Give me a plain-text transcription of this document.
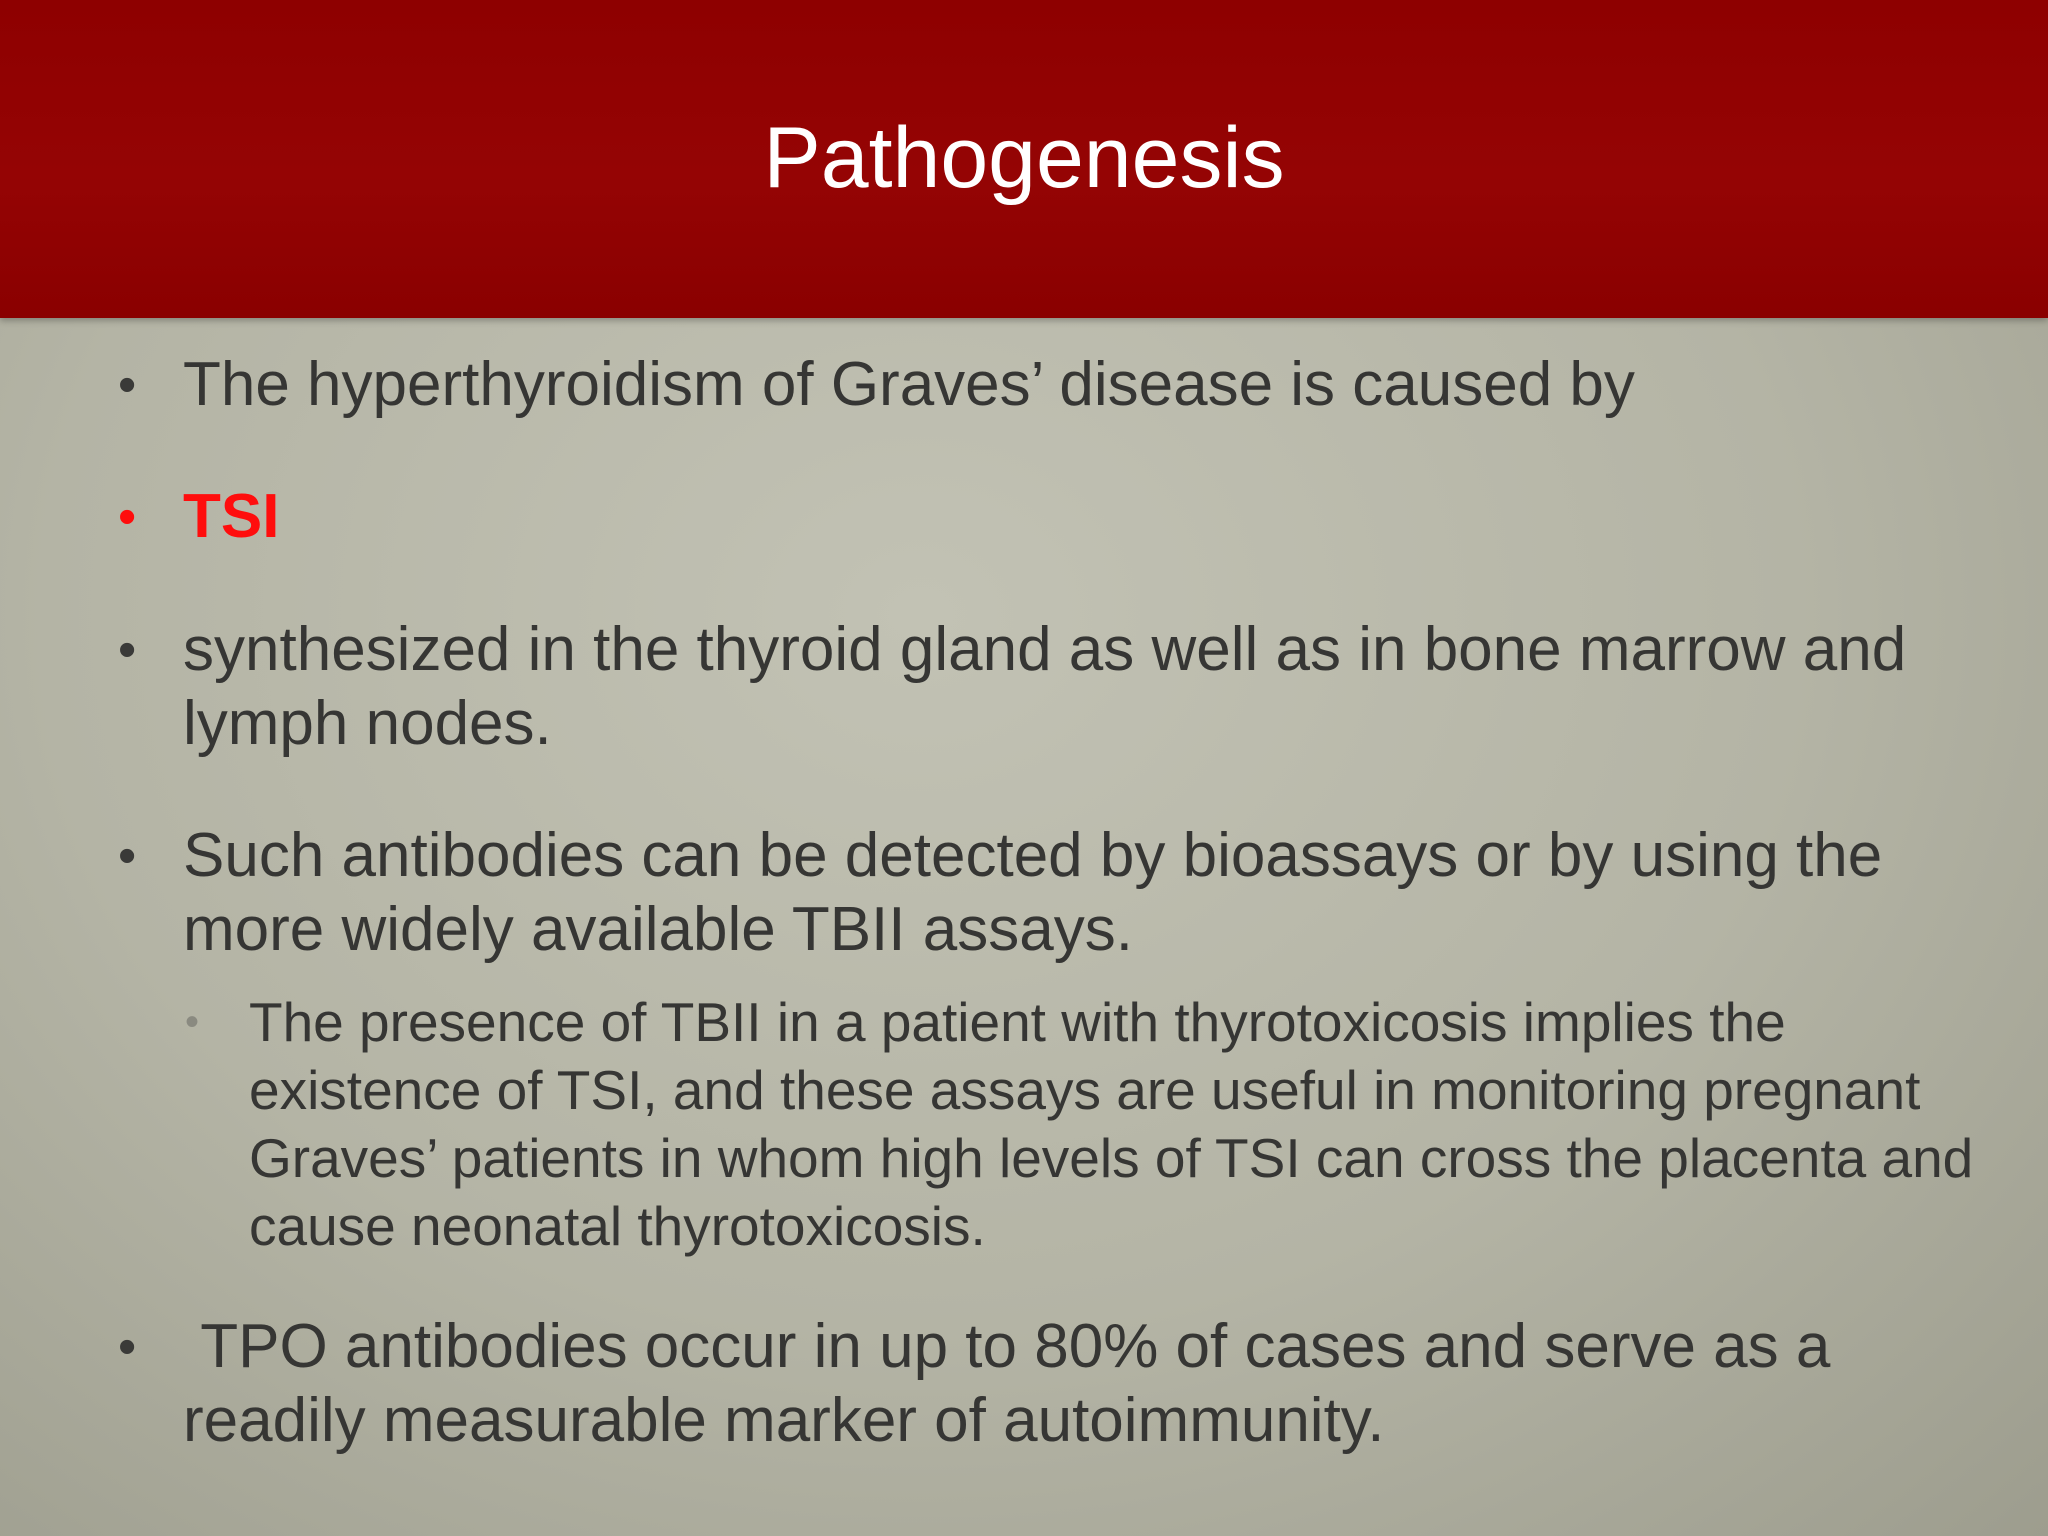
Pathogenesis
• The hyperthyroidism of Graves’ disease is caused by
• TSI
• synthesized in the thyroid gland as well as in bone marrow and lymph nodes.
• Such antibodies can be detected by bioassays or by using the more widely available TBII assays.
• The presence of TBII in a patient with thyrotoxicosis implies the existence of TSI, and these assays are useful in monitoring pregnant Graves’ patients in whom high levels of TSI can cross the placenta and cause neonatal thyrotoxicosis.
• TPO antibodies occur in up to 80% of cases and serve as a readily measurable marker of autoimmunity.
